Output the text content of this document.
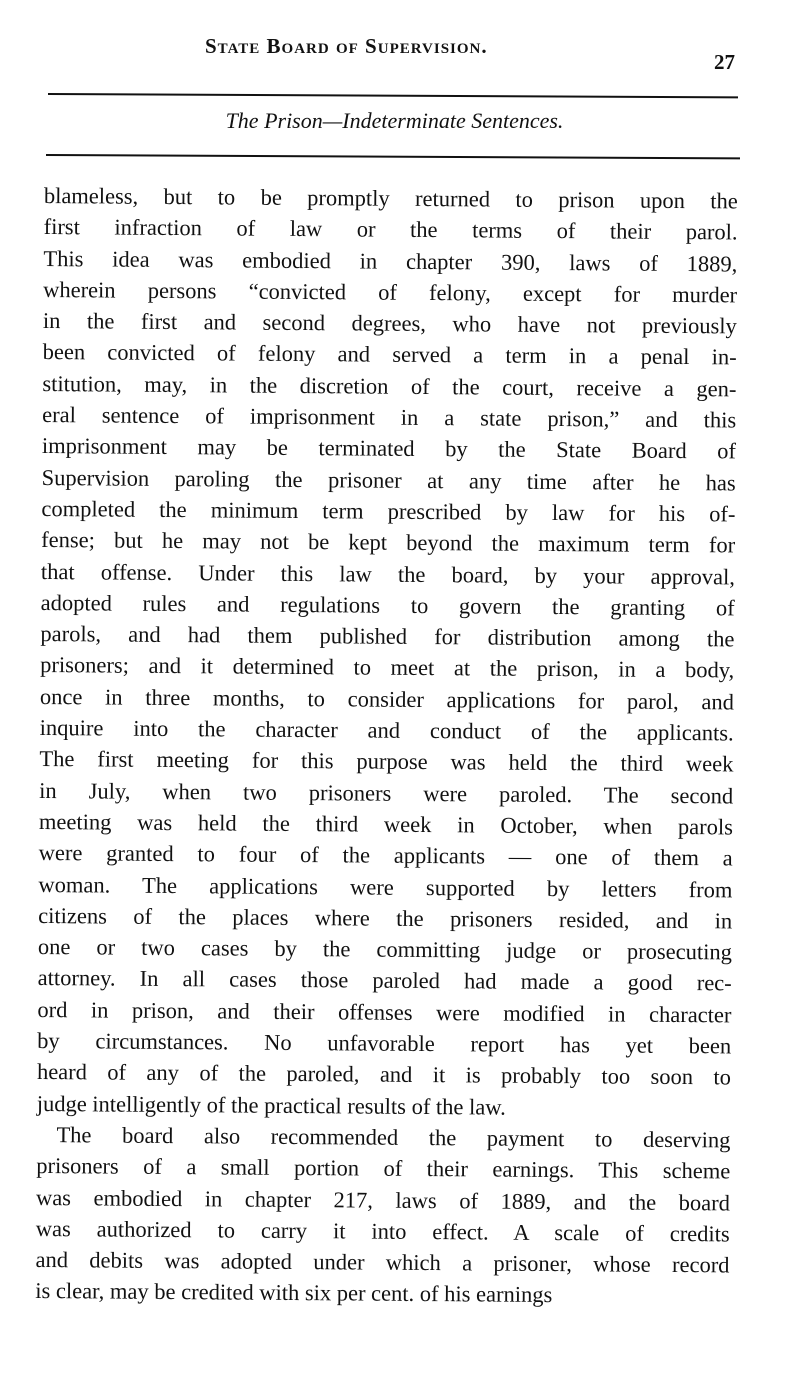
State Board of Supervision.
27
The Prison—Indeterminate Sentences.
blameless, but to be promptly returned to prison upon the
first infraction of law or the terms of their parol.
This idea was embodied in chapter 390, laws of 1889,
wherein persons “convicted of felony, except for murder
in the first and second degrees, who have not previously
been convicted of felony and served a term in a penal in-
stitution, may, in the discretion of the court, receive a gen-
eral sentence of imprisonment in a state prison,” and this
imprisonment may be terminated by the State Board of
Supervision paroling the prisoner at any time after he has
completed the minimum term prescribed by law for his of-
fense; but he may not be kept beyond the maximum term for
that offense. Under this law the board, by your approval,
adopted rules and regulations to govern the granting of
parols, and had them published for distribution among the
prisoners; and it determined to meet at the prison, in a body,
once in three months, to consider applications for parol, and
inquire into the character and conduct of the applicants.
The first meeting for this purpose was held the third week
in July, when two prisoners were paroled. The second
meeting was held the third week in October, when parols
were granted to four of the applicants — one of them a
woman. The applications were supported by letters from
citizens of the places where the prisoners resided, and in
one or two cases by the committing judge or prosecuting
attorney. In all cases those paroled had made a good rec-
ord in prison, and their offenses were modified in character
by circumstances. No unfavorable report has yet been
heard of any of the paroled, and it is probably too soon to
judge intelligently of the practical results of the law.
The board also recommended the payment to deserving
prisoners of a small portion of their earnings. This scheme
was embodied in chapter 217, laws of 1889, and the board
was authorized to carry it into effect. A scale of credits
and debits was adopted under which a prisoner, whose record
is clear, may be credited with six per cent. of his earnings
